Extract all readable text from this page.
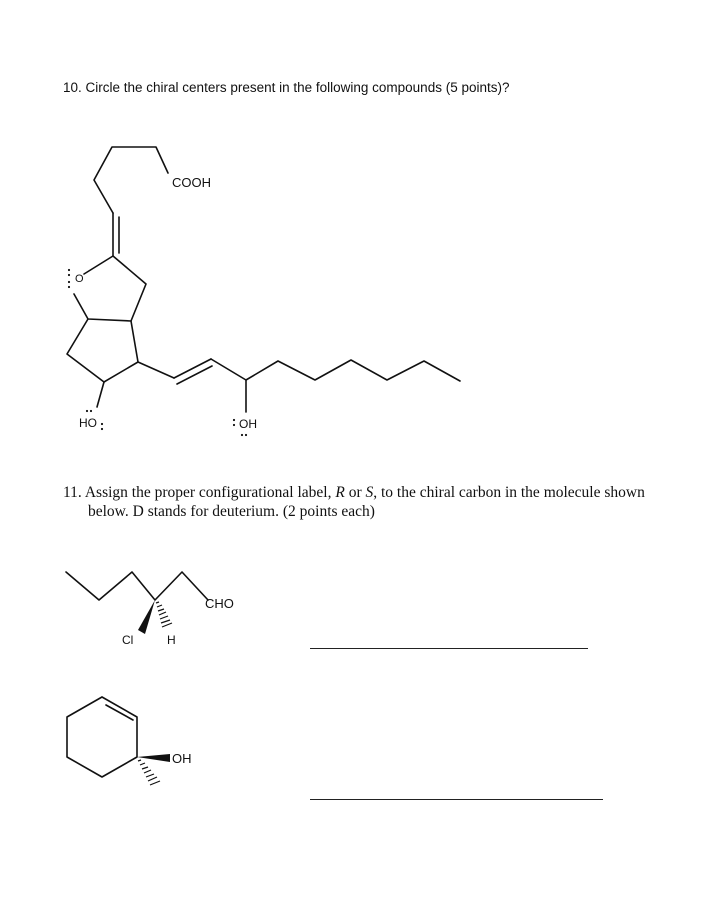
10. Circle the chiral centers present in the following compounds (5 points)?
COOH
O
HO	OH
CHO
Cl	H
OH
11. Assign the proper configurational label, R or S, to the chiral carbon in the molecule shown
below. D stands for deuterium. (2 points each)
